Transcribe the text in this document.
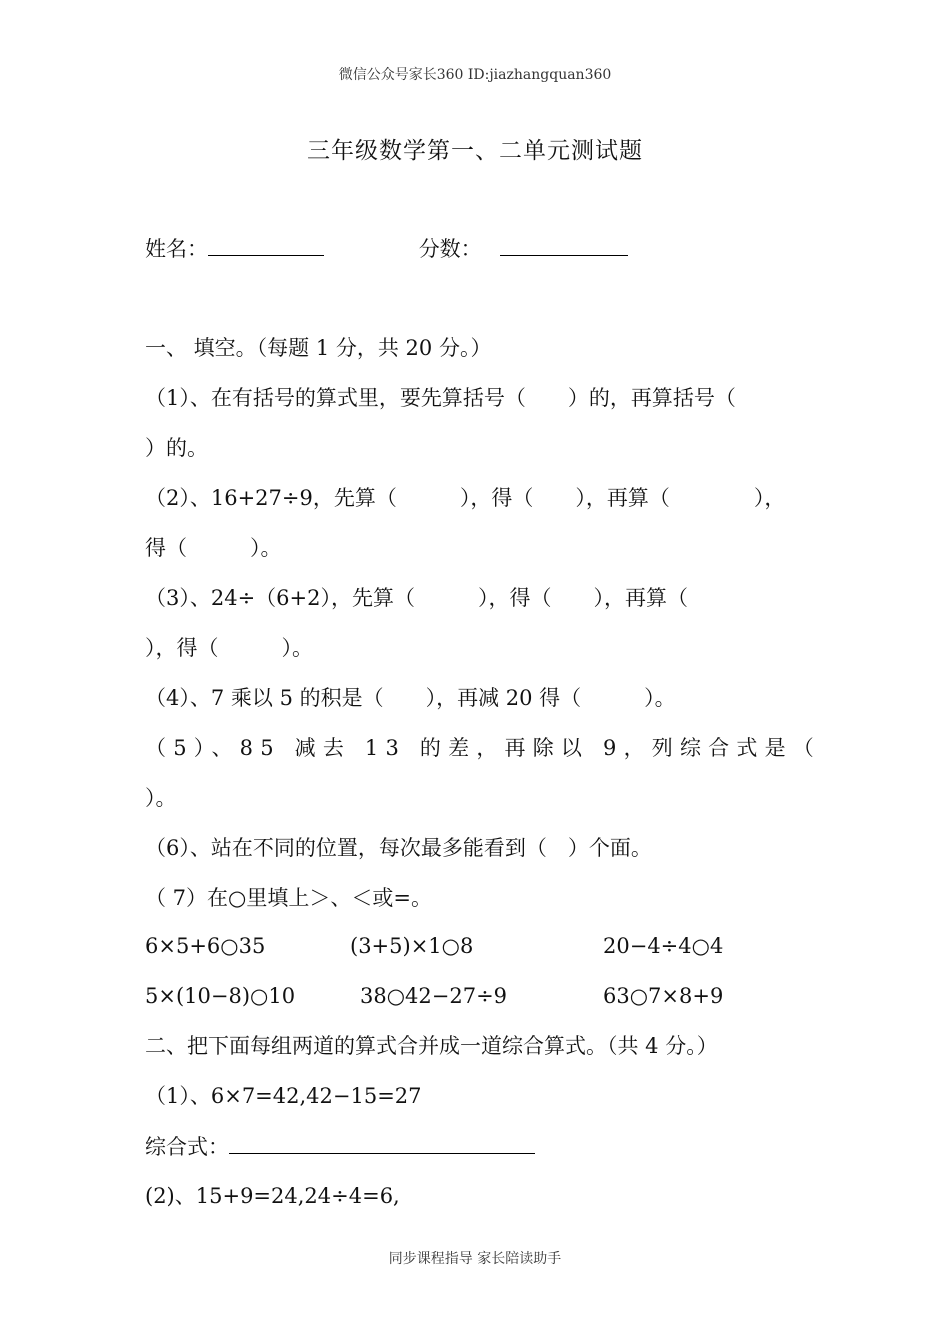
微信公众号家长360 ID:jiazhangquan360
三年级数学第一、二单元测试题
姓名：	分数：
一、 填空。（每题 1 分，共 20 分。）
（1）、在有括号的算式里，要先算括号（　　）的，再算括号（
）的。
（2）、16+27÷9，先算（　　　），得（　　），再算（　　　　），
得（　　　）。
（3）、24÷（6+2），先算（　　　），得（　　），再算（
），得（　　　）。
（4）、7 乘以 5 的积是（　　），再减 20 得（　　　）。
（5）、85 减去 13 的差，再除以 9，列综合式是（
）。
（6）、站在不同的位置，每次最多能看到（　）个面。
（ 7）在○里填上＞、＜或=。
6×5+6○35	(3+5)×1○8	20−4÷4○4
5×(10−8)○10	38○42−27÷9	63○7×8+9
二、把下面每组两道的算式合并成一道综合算式。（共 4 分。）
（1）、6×7=42,42−15=27
综合式：
(2)、15+9=24,24÷4=6,
同步课程指导 家长陪读助手
